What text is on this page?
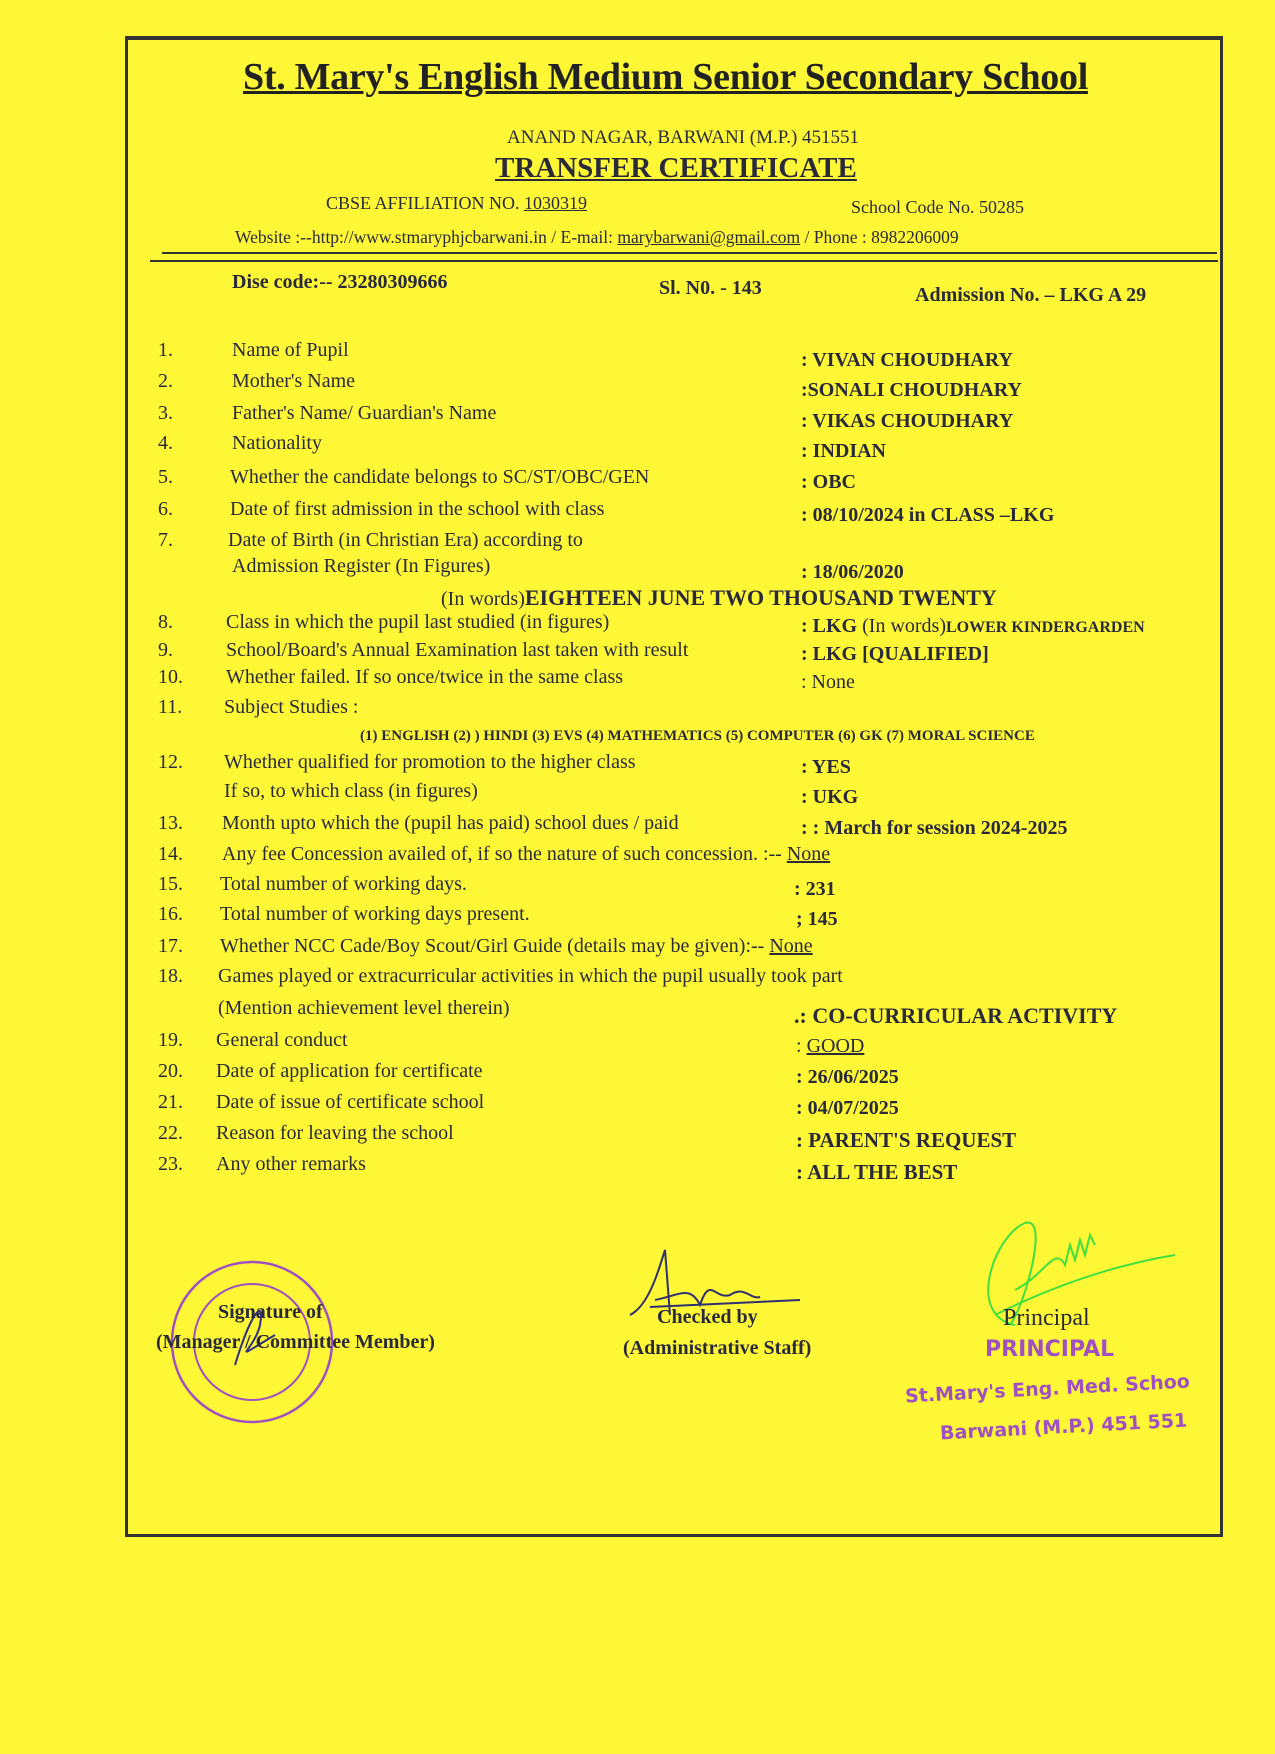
St. Mary's English Medium Senior Secondary School
ANAND NAGAR, BARWANI (M.P.) 451551
TRANSFER CERTIFICATE
CBSE AFFILIATION NO. 1030319	School Code No. 50285
Website :--http://www.stmaryphjcbarwani.in / E-mail: marybarwani@gmail.com / Phone : 8982206009
Dise code:-- 23280309666	Sl. N0. - 143	Admission No. – LKG A 29
1.	Name of Pupil	: VIVAN CHOUDHARY
2.	Mother's Name	:SONALI CHOUDHARY
3.	Father's Name/ Guardian's Name	: VIKAS CHOUDHARY
4.	Nationality	: INDIAN
5.	Whether the candidate belongs to SC/ST/OBC/GEN	: OBC
6.	Date of first admission in the school with class	: 08/10/2024 in CLASS –LKG
7.	Date of Birth (in Christian Era) according to
Admission Register (In Figures)	: 18/06/2020
(In words)EIGHTEEN JUNE TWO THOUSAND TWENTY
8.	Class in which the pupil last studied (in figures)	: LKG (In words)LOWER KINDERGARDEN
9.	School/Board's Annual Examination last taken with result	: LKG [QUALIFIED]
10. Whether failed. If so once/twice in the same class	: None
11. Subject Studies :
(1) ENGLISH (2) ) HINDI (3) EVS (4) MATHEMATICS (5) COMPUTER (6) GK (7) MORAL SCIENCE
12. Whether qualified for promotion to the higher class	: YES
If so, to which class (in figures)	: UKG
13. Month upto which the (pupil has paid) school dues / paid	: : March for session 2024-2025
14. Any fee Concession availed of, if so the nature of such concession. :-- None
15. Total number of working days.	: 231
16. Total number of working days present.	; 145
17. Whether NCC Cade/Boy Scout/Girl Guide (details may be given):-- None
18. Games played or extracurricular activities in which the pupil usually took part
(Mention achievement level therein)	.: CO-CURRICULAR ACTIVITY
19. General conduct	: GOOD
20. Date of application for certificate	: 26/06/2025
21. Date of issue of certificate school	: 04/07/2025
22. Reason for leaving the school	: PARENT'S REQUEST
23. Any other remarks	: ALL THE BEST
Signature of
(Manager / Committee Member)
Checked by
(Administrative Staff)
Principal
PRINCIPAL
St.Mary's Eng. Med. Schoo
Barwani (M.P.) 451 551
